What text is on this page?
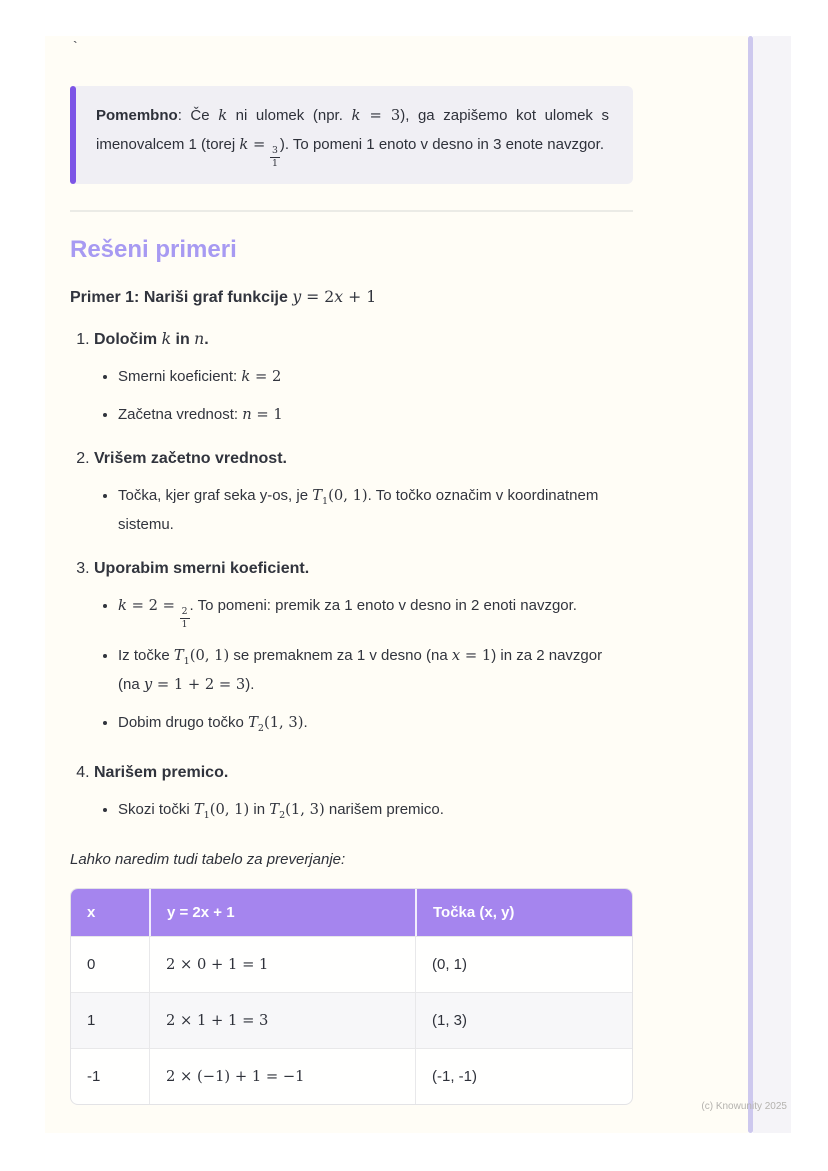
`

Pomembno: Če k ni ulomek (npr. k = 3), ga zapišemo kot ulomek s imenovalcem 1 (torej k =
$\frac{3}{1}$
). To pomeni 1 enoto v desno in 3 enote navzgor.

Rešeni primeri

Primer 1: Nariši graf funkcije y = 2x + 1

1. Določim k in n.
• Smerni koeficient: k = 2
• Začetna vrednost: n = 1
2. Vrišem začetno vrednost.
• Točka, kjer graf seka y-os, je $T_1(0$, 1). To točko označim v koordinatnem sistemu.
3. Uporabim smerni koeficient.
• k = 2 =
$\frac{2}{1}$
. To pomeni: premik za 1 enoto v desno in 2 enoti navzgor.
• Iz točke $T_1(0$, 1) se premaknem za 1 v desno (na x = 1) in za 2 navzgor (na y = 1 + 2 = 3).
• Dobim drugo točko $T_2(1$, 3).
4. Narišem premico.
• Skozi točki $T_1(0$, 1) in $T_2(1$, 3) narišem premico.

Lahko naredim tudi tabelo za preverjanje:

x	y = 2x + 1	Točka (x, y)
0	2 × 0 + 1 = 1	(0, 1)
1	2 × 1 + 1 = 3	(1, 3)
-1	2 × (−1) + 1 = −1	(-1, -1)
(c) Knowunity 2025
